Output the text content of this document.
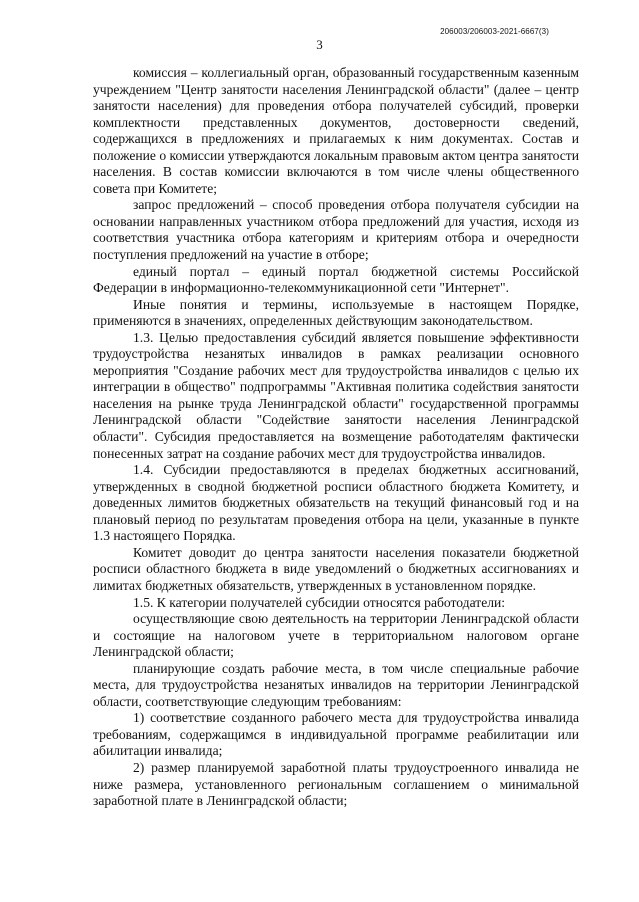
206003/206003-2021-6667(3)
3

комиссия – коллегиальный орган, образованный государственным казенным учреждением "Центр занятости населения Ленинградской области" (далее – центр занятости населения) для проведения отбора получателей субсидий, проверки комплектности представленных документов, достоверности сведений, содержащихся в предложениях и прилагаемых к ним документах. Состав и положение о комиссии утверждаются локальным правовым актом центра занятости населения. В состав комиссии включаются в том числе члены общественного совета при Комитете;

запрос предложений – способ проведения отбора получателя субсидии на основании направленных участником отбора предложений для участия, исходя из соответствия участника отбора категориям и критериям отбора и очередности поступления предложений на участие в отборе;

единый портал – единый портал бюджетной системы Российской Федерации в информационно-телекоммуникационной сети "Интернет".

Иные понятия и термины, используемые в настоящем Порядке, применяются в значениях, определенных действующим законодательством.

1.3. Целью предоставления субсидий является повышение эффективности трудоустройства незанятых инвалидов в рамках реализации основного мероприятия "Создание рабочих мест для трудоустройства инвалидов с целью их интеграции в общество" подпрограммы "Активная политика содействия занятости населения на рынке труда Ленинградской области" государственной программы Ленинградской области "Содействие занятости населения Ленинградской области". Субсидия предоставляется на возмещение работодателям фактически понесенных затрат на создание рабочих мест для трудоустройства инвалидов.

1.4. Субсидии предоставляются в пределах бюджетных ассигнований, утвержденных в сводной бюджетной росписи областного бюджета Комитету, и доведенных лимитов бюджетных обязательств на текущий финансовый год и на плановый период по результатам проведения отбора на цели, указанные в пункте 1.3 настоящего Порядка.

Комитет доводит до центра занятости населения показатели бюджетной росписи областного бюджета в виде уведомлений о бюджетных ассигнованиях и лимитах бюджетных обязательств, утвержденных в установленном порядке.

1.5. К категории получателей субсидии относятся работодатели:

осуществляющие свою деятельность на территории Ленинградской области и состоящие на налоговом учете в территориальном налоговом органе Ленинградской области;

планирующие создать рабочие места, в том числе специальные рабочие места, для трудоустройства незанятых инвалидов на территории Ленинградской области, соответствующие следующим требованиям:

1) соответствие созданного рабочего места для трудоустройства инвалида требованиям, содержащимся в индивидуальной программе реабилитации или абилитации инвалида;

2) размер планируемой заработной платы трудоустроенного инвалида не ниже размера, установленного региональным соглашением о минимальной заработной плате в Ленинградской области;
